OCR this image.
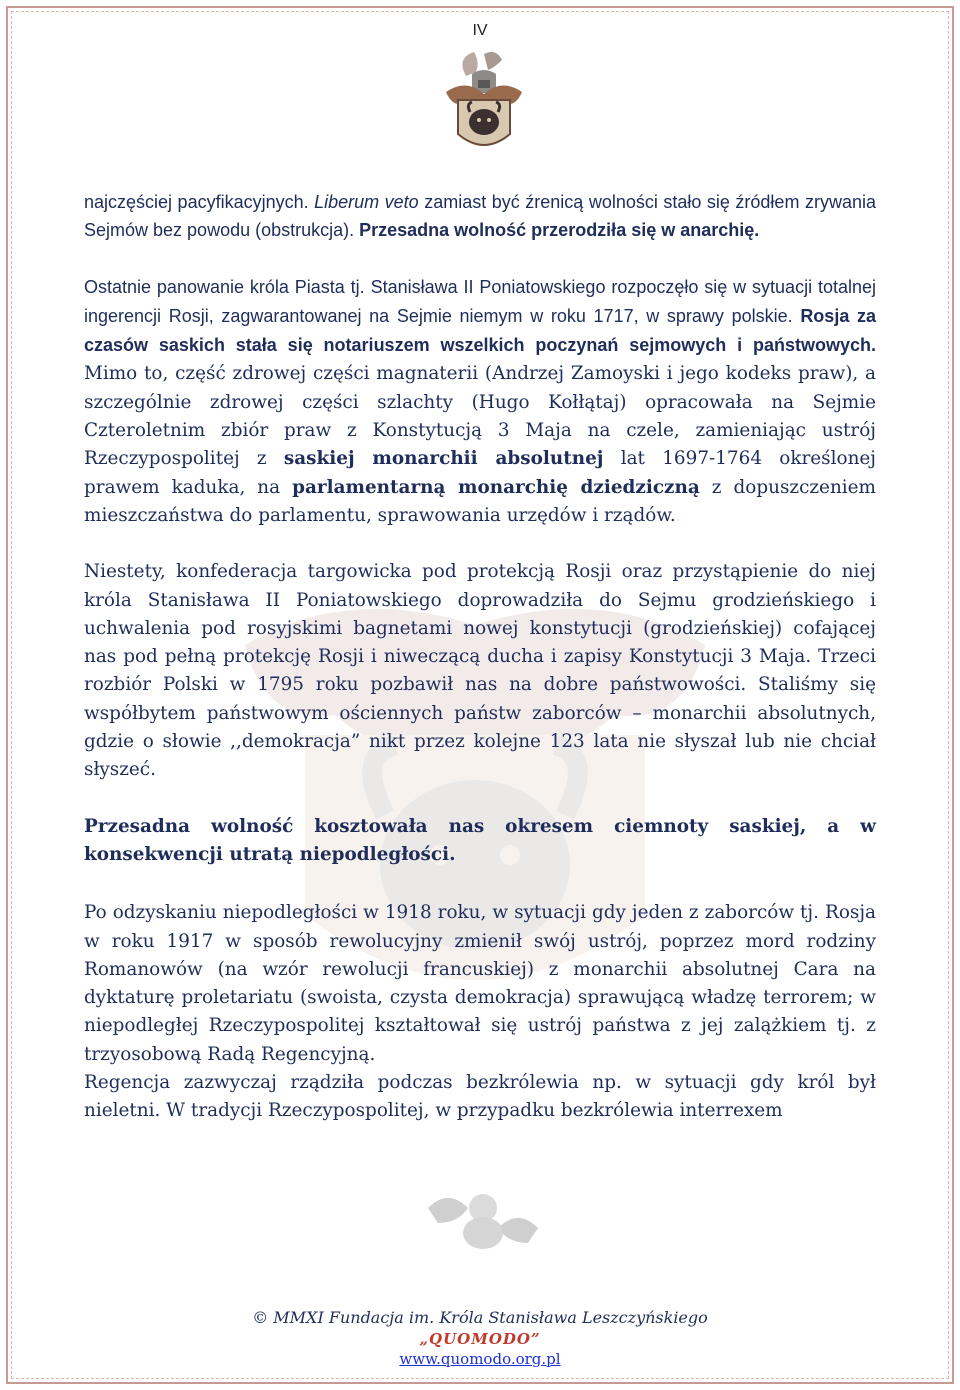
IV

najczęściej pacyfikacyjnych. Liberum veto zamiast być źrenicą wolności stało się źródłem zrywania Sejmów bez powodu (obstrukcja). Przesadna wolność przerodziła się w anarchię.

Ostatnie panowanie króla Piasta tj. Stanisława II Poniatowskiego rozpoczęło się w sytuacji totalnej ingerencji Rosji, zagwarantowanej na Sejmie niemym w roku 1717, w sprawy polskie. Rosja za czasów saskich stała się notariuszem wszelkich poczynań sejmowych i państwowych. Mimo to, część zdrowej części magnaterii (Andrzej Zamoyski i jego kodeks praw), a szczególnie zdrowej części szlachty (Hugo Kołłątaj) opracowała na Sejmie Czteroletnim zbiór praw z Konstytucją 3 Maja na czele, zamieniając ustrój Rzeczypospolitej z saskiej monarchii absolutnej lat 1697-1764 określonej prawem kaduka, na parlamentarną monarchię dziedziczną z dopuszczeniem mieszczaństwa do parlamentu, sprawowania urzędów i rządów.

Niestety, konfederacja targowicka pod protekcją Rosji oraz przystąpienie do niej króla Stanisława II Poniatowskiego doprowadziła do Sejmu grodzieńskiego i uchwalenia pod rosyjskimi bagnetami nowej konstytucji (grodzieńskiej) cofającej nas pod pełną protekcję Rosji i niweczącą ducha i zapisy Konstytucji 3 Maja. Trzeci rozbiór Polski w 1795 roku pozbawił nas na dobre państwowości. Staliśmy się współbytem państwowym ościennych państw zaborców – monarchii absolutnych, gdzie o słowie ,,demokracja” nikt przez kolejne 123 lata nie słyszał lub nie chciał słyszeć.

Przesadna wolność kosztowała nas okresem ciemnoty saskiej, a w konsekwencji utratą niepodległości.

Po odzyskaniu niepodległości w 1918 roku, w sytuacji gdy jeden z zaborców tj. Rosja w roku 1917 w sposób rewolucyjny zmienił swój ustrój, poprzez mord rodziny Romanowów (na wzór rewolucji francuskiej) z monarchii absolutnej Cara na dyktaturę proletariatu (swoista, czysta demokracja) sprawującą władzę terrorem; w niepodległej Rzeczypospolitej kształtował się ustrój państwa z jej zalążkiem tj. z trzyosobową Radą Regencyjną.

Regencja zazwyczaj rządziła podczas bezkrólewia np. w sytuacji gdy król był nieletni. W tradycji Rzeczypospolitej, w przypadku bezkrólewia interrexem

© MMXI Fundacja im. Króla Stanisława Leszczyńskiego
„QUOMODO”
www.quomodo.org.pl
